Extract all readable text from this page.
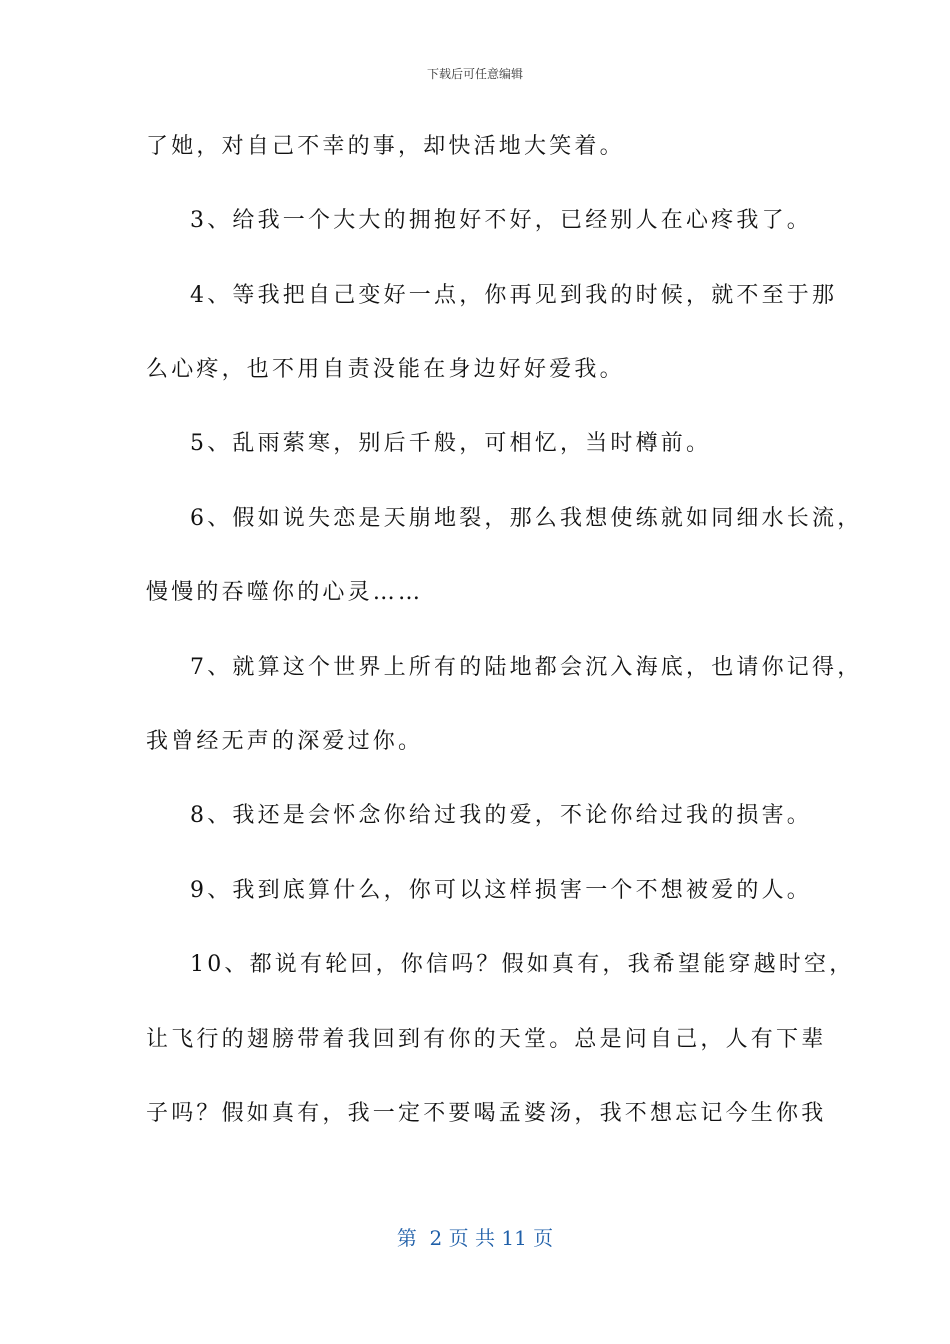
下载后可任意编辑
了她，对自己不幸的事，却快活地大笑着。
3、给我一个大大的拥抱好不好，已经别人在心疼我了。
4、等我把自己变好一点，你再见到我的时候，就不至于那
么心疼，也不用自责没能在身边好好爱我。
5、乱雨萦寒，别后千般，可相忆，当时樽前。
6、假如说失恋是天崩地裂，那么我想使练就如同细水长流，
慢慢的吞噬你的心灵……
7、就算这个世界上所有的陆地都会沉入海底，也请你记得，
我曾经无声的深爱过你。
8、我还是会怀念你给过我的爱，不论你给过我的损害。
9、我到底算什么，你可以这样损害一个不想被爱的人。
10、都说有轮回，你信吗？假如真有，我希望能穿越时空，
让飞行的翅膀带着我回到有你的天堂。总是问自己，人有下辈
子吗？假如真有，我一定不要喝孟婆汤，我不想忘记今生你我
第  2 页 共 11 页
